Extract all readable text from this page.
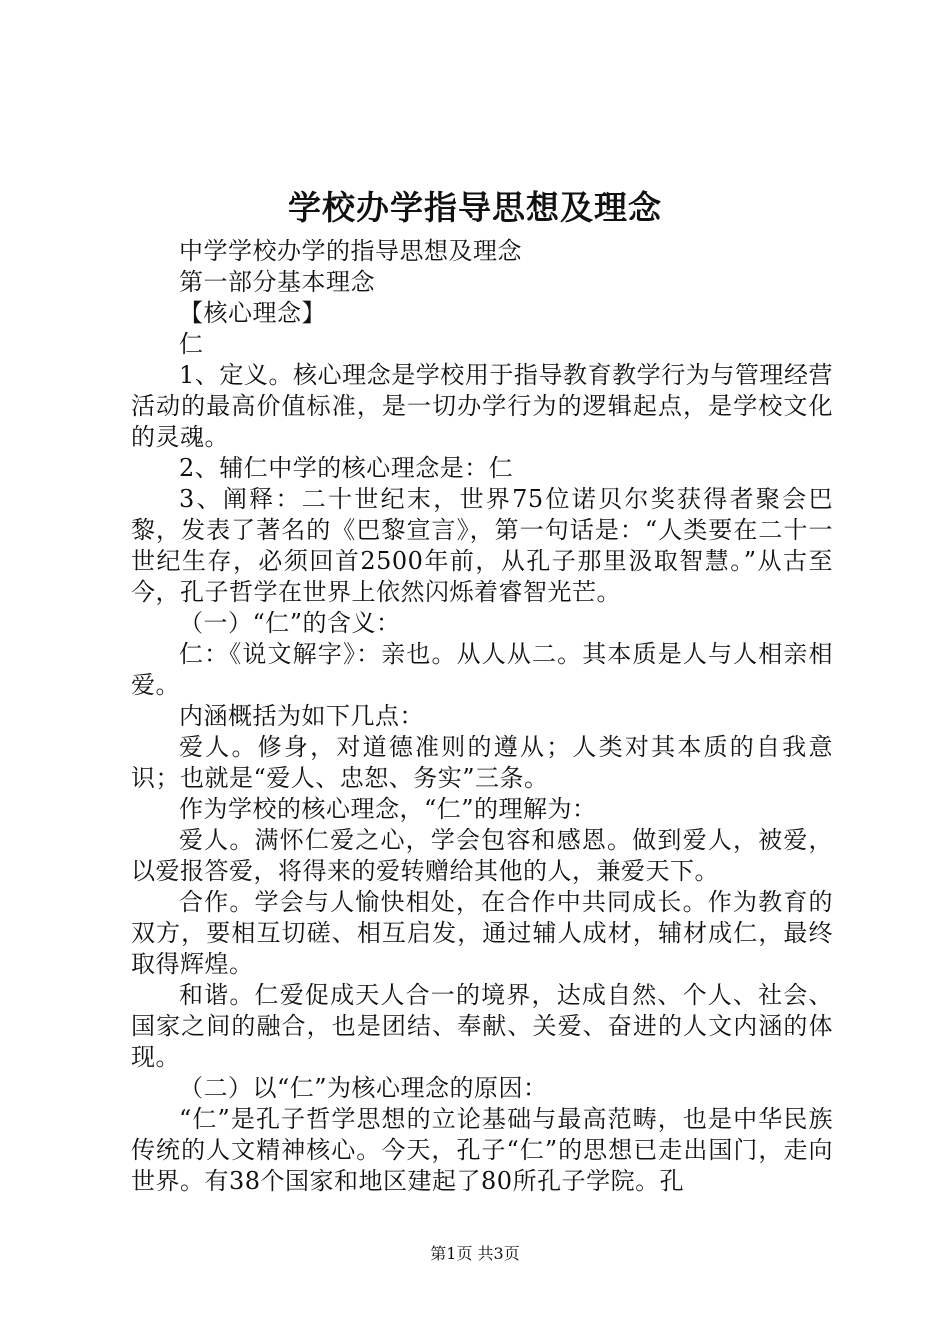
学校办学指导思想及理念

中学学校办学的指导思想及理念

第一部分基本理念

【核心理念】

仁

1、定义。核心理念是学校用于指导教育教学行为与管理经营活动的最高价值标准，是一切办学行为的逻辑起点，是学校文化的灵魂。

2、辅仁中学的核心理念是：仁

3、阐释：二十世纪末，世界75位诺贝尔奖获得者聚会巴黎，发表了著名的《巴黎宣言》，第一句话是：“人类要在二十一世纪生存，必须回首2500年前，从孔子那里汲取智慧。”从古至今，孔子哲学在世界上依然闪烁着睿智光芒。

（一）“仁”的含义：

仁：《说文解字》：亲也。从人从二。其本质是人与人相亲相爱。

内涵概括为如下几点：

爱人。修身，对道德准则的遵从；人类对其本质的自我意识；也就是“爱人、忠恕、务实”三条。

作为学校的核心理念，“仁”的理解为：

爱人。满怀仁爱之心，学会包容和感恩。做到爱人，被爱，以爱报答爱，将得来的爱转赠给其他的人，兼爱天下。

合作。学会与人愉快相处，在合作中共同成长。作为教育的双方，要相互切磋、相互启发，通过辅人成材，辅材成仁，最终取得辉煌。

和谐。仁爱促成天人合一的境界，达成自然、个人、社会、国家之间的融合，也是团结、奉献、关爱、奋进的人文内涵的体现。

（二）以“仁”为核心理念的原因：

“仁”是孔子哲学思想的立论基础与最高范畴，也是中华民族传统的人文精神核心。今天，孔子“仁”的思想已走出国门，走向世界。有38个国家和地区建起了80所孔子学院。孔

第1页 共3页
